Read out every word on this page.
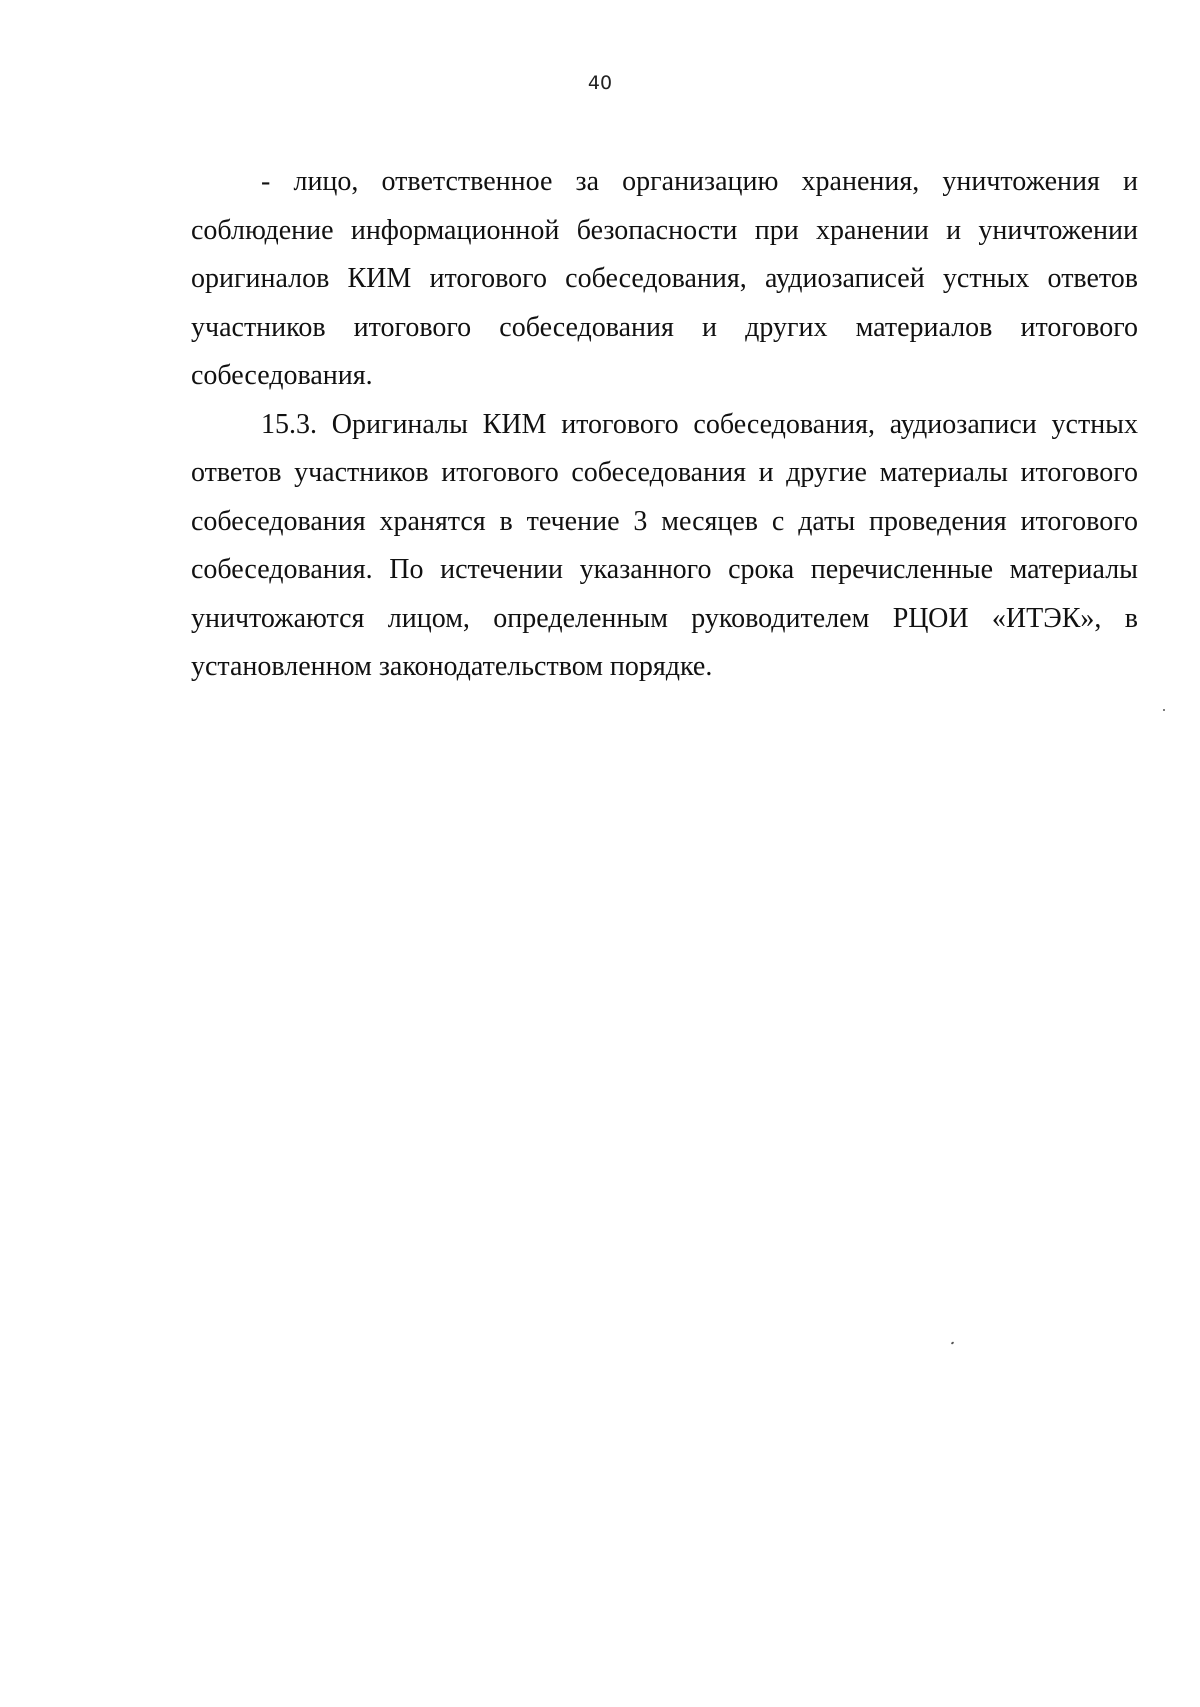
40

- лицо, ответственное за организацию хранения, уничтожения и соблюдение информационной безопасности при хранении и уничтожении оригиналов КИМ итогового собеседования, аудиозаписей устных ответов участников итогового собеседования и других материалов итогового собеседования.

15.3. Оригиналы КИМ итогового собеседования, аудиозаписи устных ответов участников итогового собеседования и другие материалы итогового собеседования хранятся в течение 3 месяцев с даты проведения итогового собеседования. По истечении указанного срока перечисленные материалы уничтожаются лицом, определенным руководителем РЦОИ «ИТЭК», в установленном законодательством порядке.
